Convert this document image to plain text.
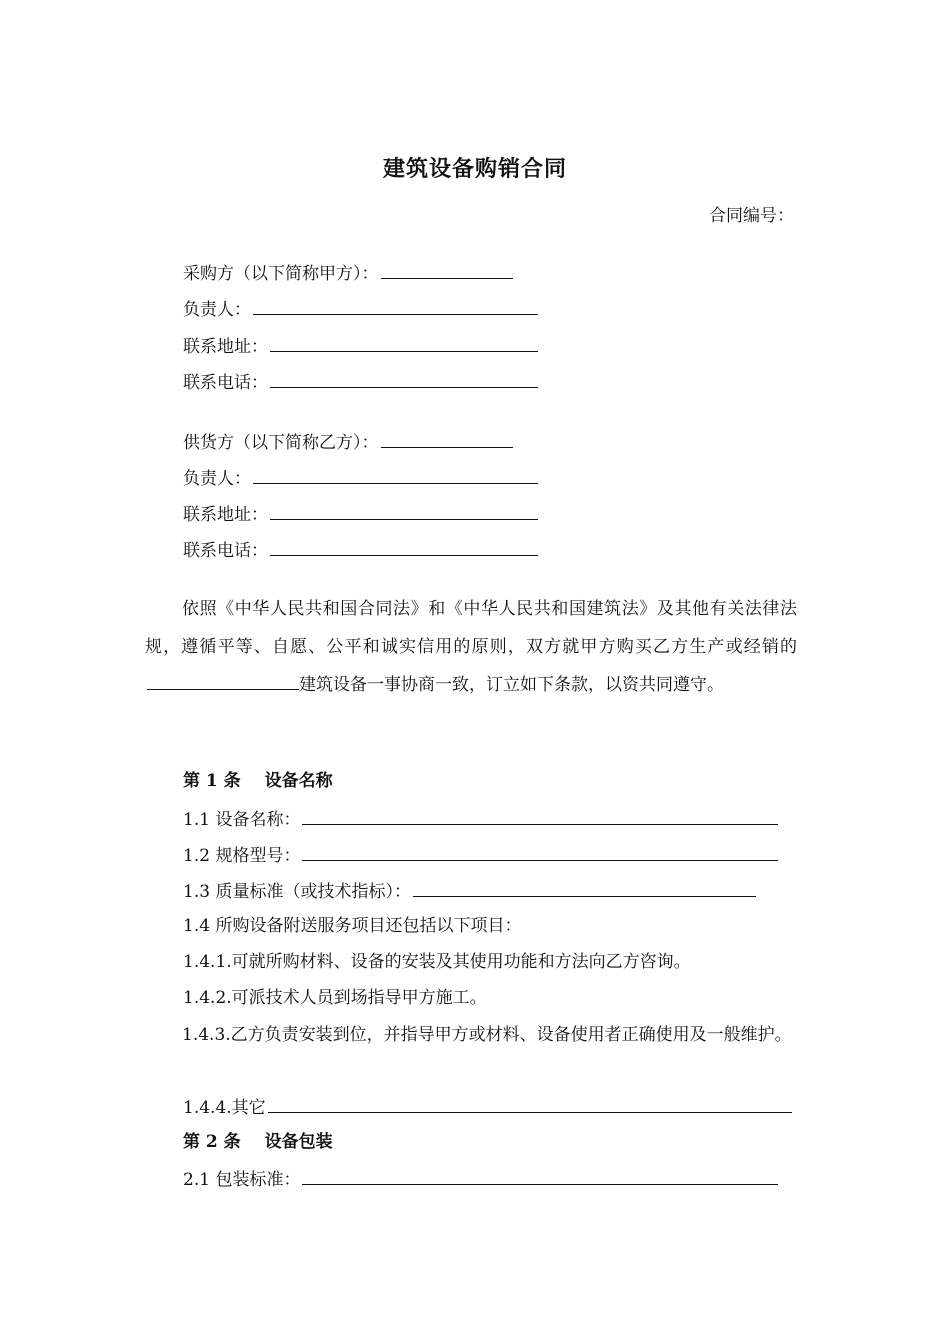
建筑设备购销合同
合同编号：
采购方（以下简称甲方）：
负责人：
联系地址：
联系电话：
供货方（以下简称乙方）：
负责人：
联系地址：
联系电话：
依照《中华人民共和国合同法》和《中华人民共和国建筑法》及其他有关法律法规，遵循平等、自愿、公平和诚实信用的原则，双方就甲方购买乙方生产或经销的建筑设备一事协商一致，订立如下条款，以资共同遵守。
第 1 条 设备名称
1.1 设备名称：
1.2 规格型号：
1.3 质量标准（或技术指标）：
1.4 所购设备附送服务项目还包括以下项目：
1.4.1.可就所购材料、设备的安装及其使用功能和方法向乙方咨询。
1.4.2.可派技术人员到场指导甲方施工。
1.4.3.乙方负责安装到位，并指导甲方或材料、设备使用者正确使用及一般维护。
1.4.4.其它
第 2 条 设备包装
2.1 包装标准：
